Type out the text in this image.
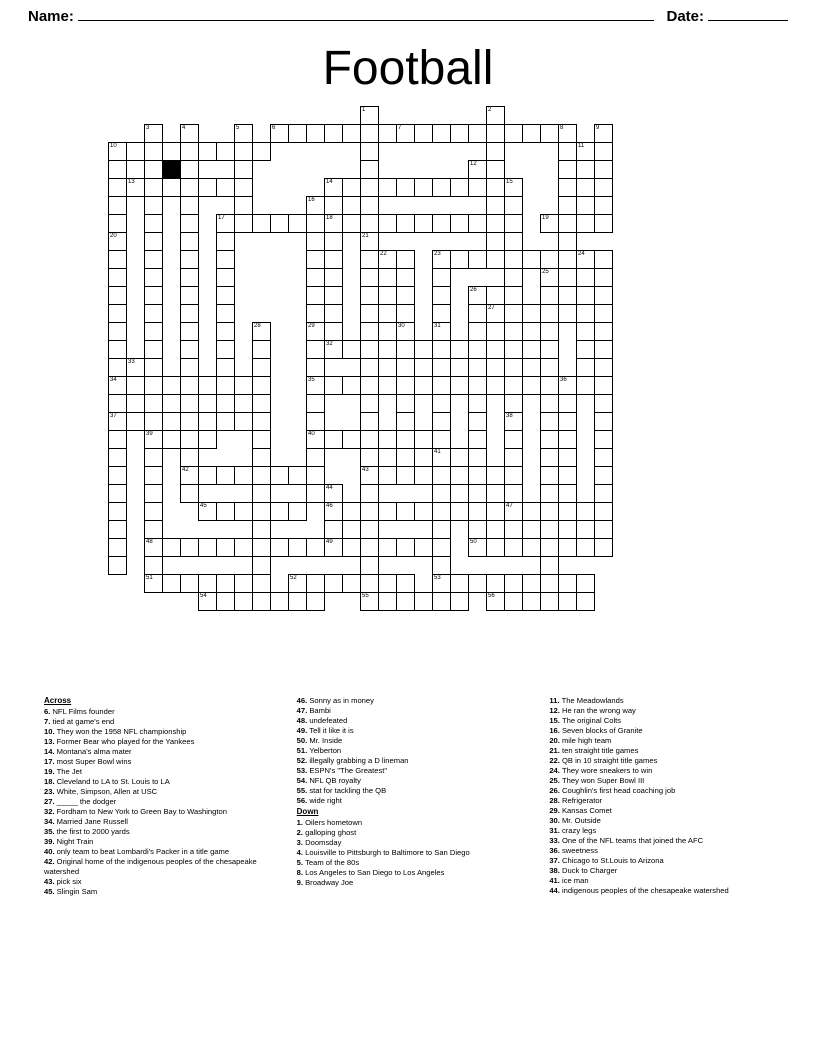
Name:	Date:
Football
1	2
3	4	5	6	7	8	9
10	11
12
13	14	15
16
17	18	19
20	21
22	23	24
25
26
27
28	29	30	31
32
33
34	35	36
37	38
39	40
41
42	43
44
45	46	47
48	49	50
51	52	53
54	55	56
Across
6. NFL Films founder
7. tied at game's end
10. They won the 1958 NFL championship
13. Former Bear who played for the Yankees
14. Montana's alma mater
17. most Super Bowl wins
19. The Jet
18. Cleveland to LA to St. Louis to LA
23. White, Simpson, Allen at USC
27. _____ the dodger
32. Fordham to New York to Green Bay to Washington
34. Married Jane Russell
35. the first to 2000 yards
39. Night Train
40. only team to beat Lombardi's Packer in a title game
42. Original home of the indigenous peoples of the chesapeake watershed
43. pick six
45. Slingin Sam
46. Sonny as in money
47. Bambi
48. undefeated
49. Tell it like it is
50. Mr. Inside
51. Yelberton
52. illegally grabbing a D lineman
53. ESPN's "The Greatest"
54. NFL QB royalty
55. stat for tackling the QB
56. wide right
Down
1. Oilers hometown
2. galloping ghost
3. Doomsday
4. Louisville to Pittsburgh to Baltimore to San Diego
5. Team of the 80s
8. Los Angeles to San Diego to Los Angeles
9. Broadway Joe
11. The Meadowlands
12. He ran the wrong way
15. The original Colts
16. Seven blocks of Granite
20. mile high team
21. ten straight title games
22. QB in 10 straight title games
24. They wore sneakers to win
25. They won Super Bowl III
26. Coughlin's first head coaching job
28. Refrigerator
29. Kansas Comet
30. Mr. Outside
31. crazy legs
33. One of the NFL teams that joined the AFC
36. sweetness
37. Chicago to St.Louis to Arizona
38. Duck to Charger
41. ice man
44. indigenous peoples of the chesapeake watershed
